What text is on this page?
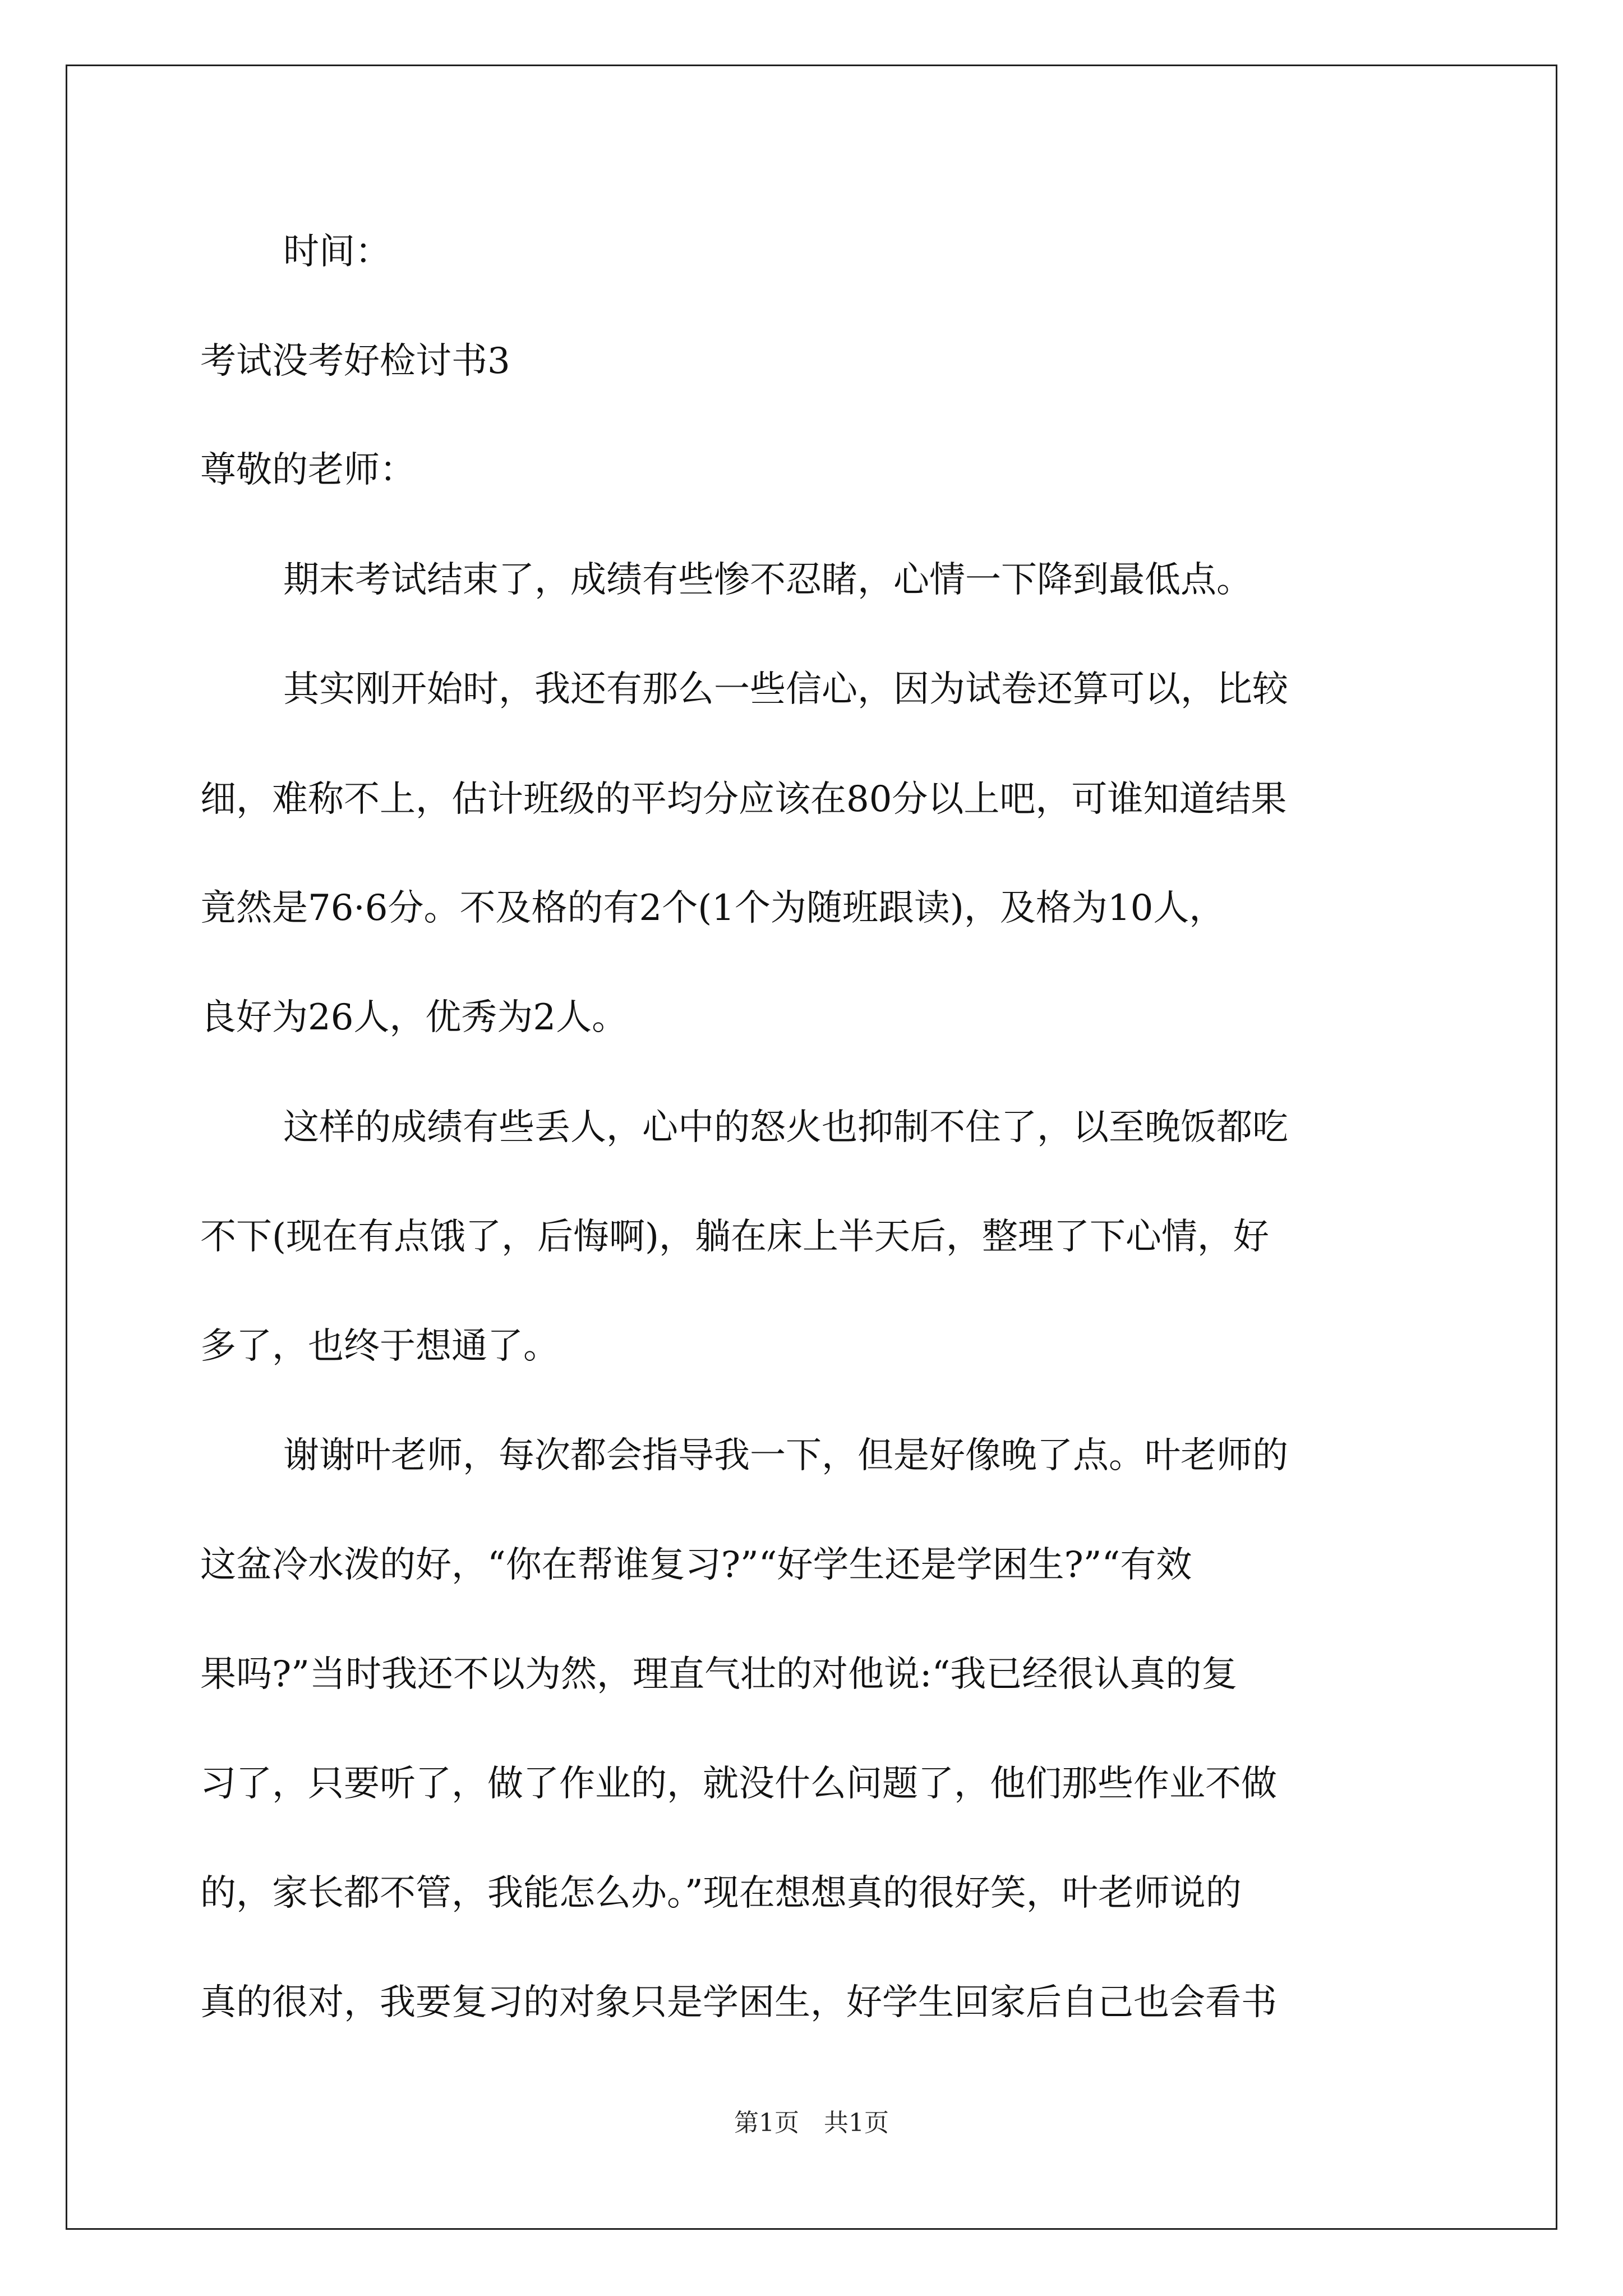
时间：
考试没考好检讨书3
尊敬的老师：
期末考试结束了，成绩有些惨不忍睹，心情一下降到最低点。
其实刚开始时，我还有那么一些信心，因为试卷还算可以，比较
细，难称不上，估计班级的平均分应该在80分以上吧，可谁知道结果
竟然是76·6分。不及格的有2个(1个为随班跟读)，及格为10人，
良好为26人，优秀为2人。
这样的成绩有些丢人，心中的怒火也抑制不住了，以至晚饭都吃
不下(现在有点饿了，后悔啊)，躺在床上半天后，整理了下心情，好
多了，也终于想通了。
谢谢叶老师，每次都会指导我一下，但是好像晚了点。叶老师的
这盆冷水泼的好，“你在帮谁复习?”“好学生还是学困生?”“有效
果吗?”当时我还不以为然，理直气壮的对他说:“我已经很认真的复
习了，只要听了，做了作业的，就没什么问题了，他们那些作业不做
的，家长都不管，我能怎么办。”现在想想真的很好笑，叶老师说的
真的很对，我要复习的对象只是学困生，好学生回家后自己也会看书
第1页　共1页
